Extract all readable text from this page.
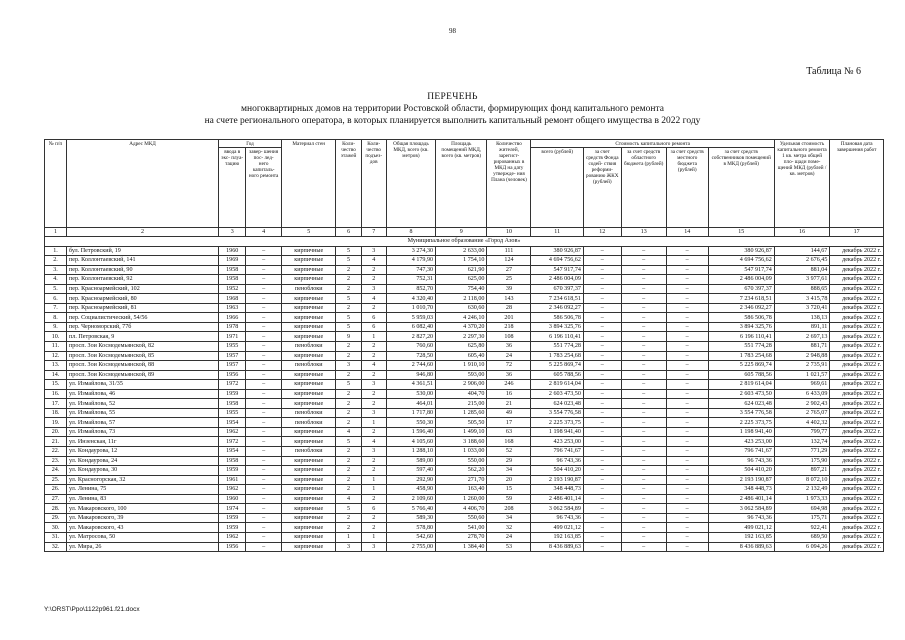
98
Таблица № 6
ПЕРЕЧЕНЬ
многоквартирных домов на территории Ростовской области, формирующих фонд капитального ремонта
на счете регионального оператора, в которых планируется выполнить капитальный ремонт общего имущества в 2022 году
№ п/п	Адрес МКД	Год		Материал стен	Коли- чество этажей	Коли- чество подъез- дов	Общая площадь МКД, всего (кв. метров)	Площадь помещений МКД, всего (кв. метров)	Количество жителей, зарегист- рированных в МКД на дату утвержде- ния Плана (человек)	Стоимость капитального ремонта					Удельная стоимость капитального ремонта 1 кв. метра общей пло- щади поме- щений МКД (рублей / кв. метров)	Плановая дата завершения работ
		ввода в экс- плуа- тацию	завер- шения пос- лед- него капиталь- ного ремонта							всего (рублей)	за счет средств Фонда содей- ствия реформи- рованию ЖКХ (рублей)	за счет средств областного бюджета (рублей)	за счет средств местного бюджета (рублей)	за счет средств собственников помещений в МКД (рублей)		
1	2	3	4	5	6	7	8	9	10	11	12	13	14	15	16	17
Муниципальное образование «Город Азов»																
1.	бул. Петровский, 19	1960	–	кирпичные	5	3	3 274,30	2 633,00	111	380 926,87	–	–	–	380 926,87	144,67	декабрь 2022 г.
2.	пер. Коллонтаевский, 141	1969	–	кирпичные	5	4	4 179,90	1 754,10	124	4 694 756,62	–	–	–	4 694 756,62	2 676,45	декабрь 2022 г.
3.	пер. Коллонтаевский, 90	1958	–	кирпичные	2	2	747,30	621,90	27	547 917,74	–	–	–	547 917,74	881,04	декабрь 2022 г.
4.	пер. Коллонтаевский, 92	1958	–	кирпичные	2	2	752,31	625,00	25	2 486 004,09	–	–	–	2 486 004,09	3 977,61	декабрь 2022 г.
5.	пер. Красноармейский, 102	1952	–	пеноблоки	2	3	852,70	754,40	39	670 397,37	–	–	–	670 397,37	888,65	декабрь 2022 г.
6.	пер. Красноармейский, 80	1968	–	кирпичные	5	4	4 320,40	2 118,00	143	7 234 618,51	–	–	–	7 234 618,51	3 415,78	декабрь 2022 г.
7.	пер. Красноармейский, 81	1963	–	кирпичные	2	2	1 010,70	630,60	28	2 346 092,27	–	–	–	2 346 092,27	3 720,41	декабрь 2022 г.
8.	пер. Социалистический, 54/56	1966	–	кирпичные	5	6	5 959,03	4 246,10	201	586 506,78	–	–	–	586 506,78	138,13	декабрь 2022 г.
9.	пер. Черноморский, 77б	1978	–	кирпичные	5	6	6 082,40	4 370,20	218	3 894 325,76	–	–	–	3 894 325,76	891,11	декабрь 2022 г.
10.	пл. Петровская, 9	1971	–	кирпичные	9	1	2 827,20	2 297,30	108	6 196 110,41	–	–	–	6 196 110,41	2 697,13	декабрь 2022 г.
11.	просп. Зои Космодемьянской, 82	1955	–	пеноблоки	2	2	760,60	625,80	36	551 774,28	–	–	–	551 774,28	881,71	декабрь 2022 г.
12.	просп. Зои Космодемьянской, 85	1957	–	кирпичные	2	2	728,50	605,40	24	1 783 254,68	–	–	–	1 783 254,68	2 948,88	декабрь 2022 г.
13.	просп. Зои Космодемьянской, 88	1957	–	пеноблоки	3	4	2 744,60	1 910,10	72	5 225 869,74	–	–	–	5 225 869,74	2 735,91	декабрь 2022 г.
14.	просп. Зои Космодемьянской, 89	1956	–	кирпичные	2	2	946,80	593,00	36	605 788,56	–	–	–	605 788,56	1 021,57	декабрь 2022 г.
15.	ул. Измайлова, 31/35	1972	–	кирпичные	5	3	4 361,51	2 906,00	246	2 819 614,04	–	–	–	2 819 614,04	969,61	декабрь 2022 г.
16.	ул. Измайлова, 46	1959	–	кирпичные	2	2	530,00	404,70	16	2 603 473,50	–	–	–	2 603 473,50	6 433,09	декабрь 2022 г.
17.	ул. Измайлова, 52	1958	–	кирпичные	2	2	464,01	215,00	21	624 023,48	–	–	–	624 023,48	2 902,43	декабрь 2022 г.
18.	ул. Измайлова, 55	1955	–	пеноблоки	2	3	1 717,80	1 285,60	49	3 554 776,58	–	–	–	3 554 776,58	2 765,07	декабрь 2022 г.
19.	ул. Измайлова, 57	1954	–	пеноблоки	2	1	550,30	505,50	17	2 225 373,75	–	–	–	2 225 373,75	4 402,32	декабрь 2022 г.
20.	ул. Измайлова, 73	1962	–	кирпичные	4	2	1 596,40	1 499,10	63	1 198 941,40	–	–	–	1 198 941,40	799,77	декабрь 2022 г.
21.	ул. Инзенская, 11г	1972	–	кирпичные	5	4	4 105,60	3 188,60	168	423 253,00	–	–	–	423 253,00	132,74	декабрь 2022 г.
22.	ул. Кондаурова, 12	1954	–	пеноблоки	2	3	1 288,10	1 033,00	52	796 741,67	–	–	–	796 741,67	771,29	декабрь 2022 г.
23.	ул. Кондаурова, 24	1958	–	кирпичные	2	2	589,00	550,00	29	96 743,36	–	–	–	96 743,36	175,90	декабрь 2022 г.
24.	ул. Кондаурова, 30	1959	–	кирпичные	2	2	597,40	562,20	34	504 410,20	–	–	–	504 410,20	897,21	декабрь 2022 г.
25.	ул. Красногорская, 32	1961	–	кирпичные	2	1	292,90	271,70	20	2 193 190,87	–	–	–	2 193 190,87	8 072,10	декабрь 2022 г.
26.	ул. Ленина, 75	1962	–	кирпичные	2	1	458,90	163,40	15	348 448,73	–	–	–	348 448,73	2 132,49	декабрь 2022 г.
27.	ул. Ленина, 83	1960	–	кирпичные	4	2	2 109,60	1 260,00	59	2 486 401,14	–	–	–	2 486 401,14	1 973,33	декабрь 2022 г.
28.	ул. Макаровского, 100	1974	–	кирпичные	5	6	5 766,40	4 406,70	208	3 062 584,89	–	–	–	3 062 584,89	694,98	декабрь 2022 г.
29.	ул. Макаровского, 39	1959	–	кирпичные	2	2	589,30	550,60	34	96 743,36	–	–	–	96 743,36	175,71	декабрь 2022 г.
30.	ул. Макаровского, 43	1959	–	кирпичные	2	2	578,80	541,00	32	499 021,12	–	–	–	499 021,12	922,41	декабрь 2022 г.
31.	ул. Матросова, 50	1962	–	кирпичные	1	1	542,60	278,70	24	192 163,85	–	–	–	192 163,85	689,50	декабрь 2022 г.
32.	ул. Мира, 26	1956	–	кирпичные	3	3	2 755,00	1 384,40	53	8 436 889,63	–	–	–	8 436 889,63	6 094,26	декабрь 2022 г.
Y:\ORST\Ppo\1122p961.f21.docx
